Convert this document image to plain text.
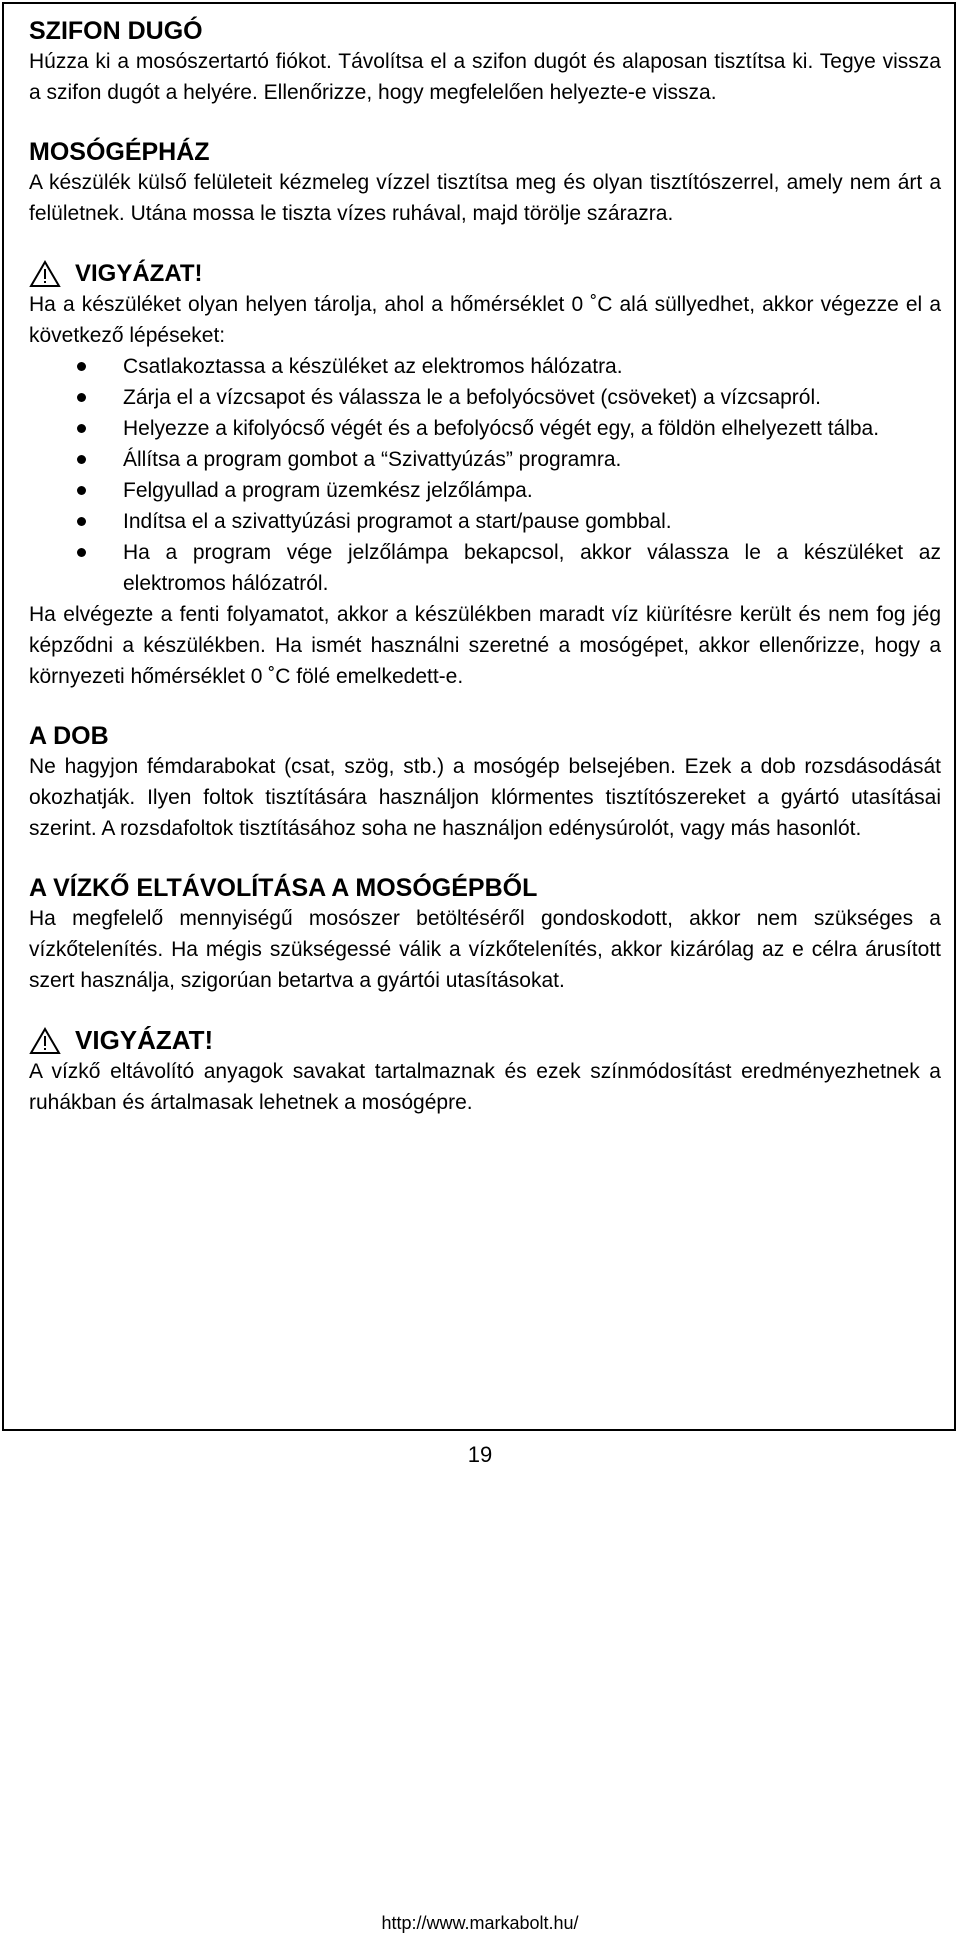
SZIFON DUGÓ

Húzza ki a mosószertartó fiókot. Távolítsa el a szifon dugót és alaposan tisztítsa ki. Tegye vissza a szifon dugót a helyére. Ellenőrizze, hogy megfelelően helyezte-e vissza.

MOSÓGÉPHÁZ

A készülék külső felületeit kézmeleg vízzel tisztítsa meg és olyan tisztítószerrel, amely nem árt a felületnek. Utána mossa le tiszta vízes ruhával, majd törölje szárazra.

VIGYÁZAT!

Ha a készüléket olyan helyen tárolja, ahol a hőmérséklet 0 ˚C alá süllyedhet, akkor végezze el a következő lépéseket:

Csatlakoztassa a készüléket az elektromos hálózatra.
Zárja el a vízcsapot és válassza le a befolyócsövet (csöveket) a vízcsapról.
Helyezze a kifolyócső végét és a befolyócső végét egy, a földön elhelyezett tálba.
Állítsa a program gombot a “Szivattyúzás” programra.
Felgyullad a program üzemkész jelzőlámpa.
Indítsa el a szivattyúzási programot a start/pause gombbal.
Ha a program vége jelzőlámpa bekapcsol, akkor válassza le a készüléket az elektromos hálózatról.

Ha elvégezte a fenti folyamatot, akkor a készülékben maradt víz kiürítésre került és nem fog jég képződni a készülékben. Ha ismét használni szeretné a mosógépet, akkor ellenőrizze, hogy a környezeti hőmérséklet 0 ˚C fölé emelkedett-e.

A DOB

Ne hagyjon fémdarabokat (csat, szög, stb.) a mosógép belsejében. Ezek a dob rozsdásodását okozhatják. Ilyen foltok tisztítására használjon klórmentes tisztítószereket a gyártó utasításai szerint. A rozsdafoltok tisztításához soha ne használjon edénysúrolót, vagy más hasonlót.

A VÍZKŐ ELTÁVOLÍTÁSA A MOSÓGÉPBŐL

Ha megfelelő mennyiségű mosószer betöltéséről gondoskodott, akkor nem szükséges a vízkőtelenítés. Ha mégis szükségessé válik a vízkőtelenítés, akkor kizárólag az e célra árusított szert használja, szigorúan betartva a gyártói utasításokat.

VIGYÁZAT!

A vízkő eltávolító anyagok savakat tartalmaznak és ezek színmódosítást eredményezhetnek a ruhákban és ártalmasak lehetnek a mosógépre.

19
http://www.markabolt.hu/
